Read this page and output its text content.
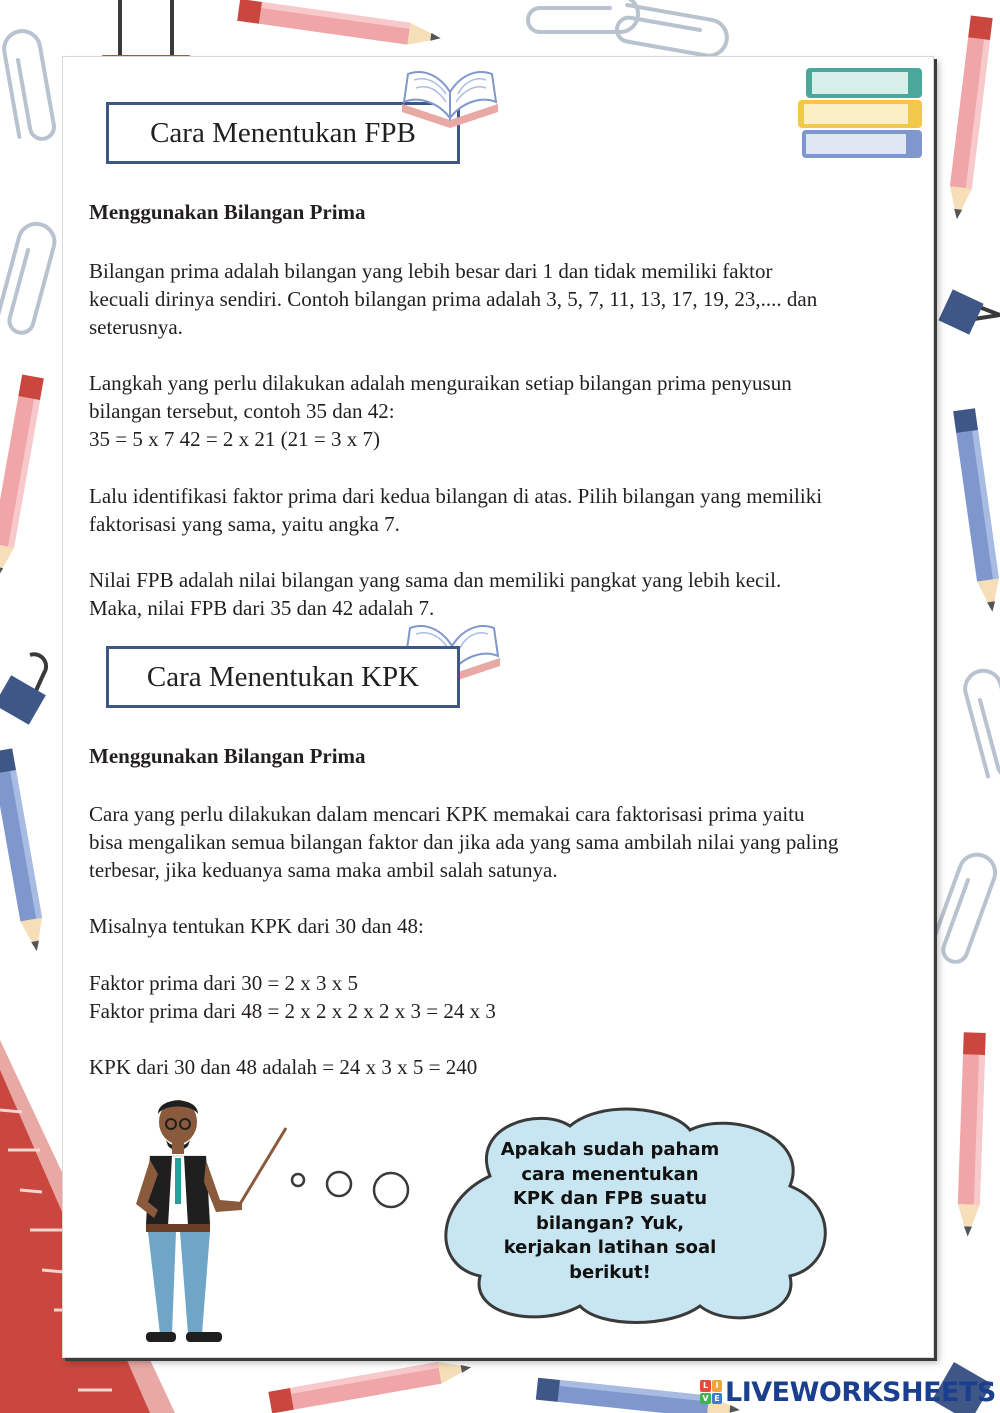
Cara Menentukan FPB
Menggunakan Bilangan Prima
Bilangan prima adalah bilangan yang lebih besar dari 1 dan tidak memiliki faktor
kecuali dirinya sendiri. Contoh bilangan prima adalah 3, 5, 7, 11, 13, 17, 19, 23,.... dan
seterusnya.
Langkah yang perlu dilakukan adalah menguraikan setiap bilangan prima penyusun
bilangan tersebut, contoh 35 dan 42:
35 = 5 x 7 42 = 2 x 21 (21 = 3 x 7)
Lalu identifikasi faktor prima dari kedua bilangan di atas. Pilih bilangan yang memiliki
faktorisasi yang sama, yaitu angka 7.
Nilai FPB adalah nilai bilangan yang sama dan memiliki pangkat yang lebih kecil.
Maka, nilai FPB dari 35 dan 42 adalah 7.
Cara Menentukan KPK
Menggunakan Bilangan Prima
Cara yang perlu dilakukan dalam mencari KPK memakai cara faktorisasi prima yaitu
bisa mengalikan semua bilangan faktor dan jika ada yang sama ambilah nilai yang paling
terbesar, jika keduanya sama maka ambil salah satunya.
Misalnya tentukan KPK dari 30 dan 48:
Faktor prima dari 30 = 2 x 3 x 5
Faktor prima dari 48 = 2 x 2 x 2 x 2 x 3 = 24 x 3
KPK dari 30 dan 48 adalah = 24 x 3 x 5 = 240
Apakah sudah paham
cara menentukan
KPK dan FPB suatu
bilangan? Yuk,
kerjakan latihan soal
berikut!
L I
V E LIVEWORKSHEETS
